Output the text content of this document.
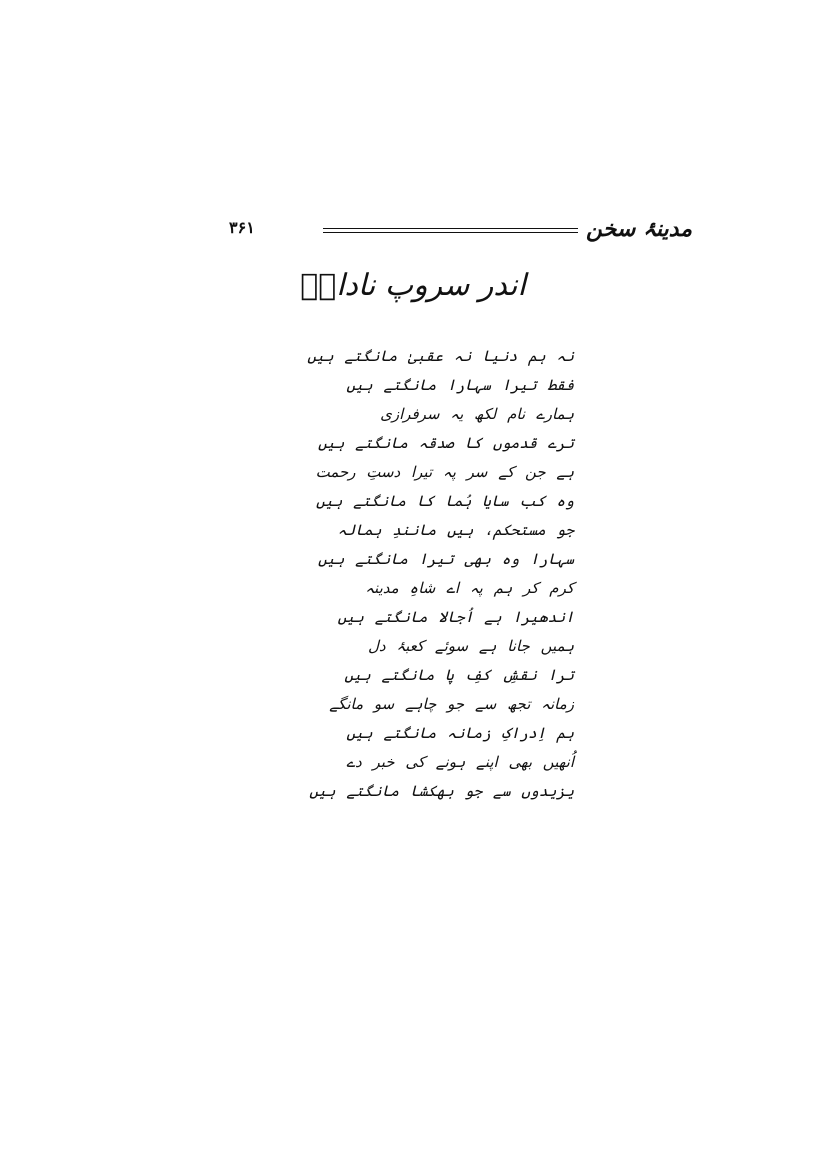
مدینۂ سخن
۳۶۱
اندر سروپ ناداںؔ
نہ ہم دنیا نہ عقبیٰ مانگتے ہیں
فقط تیرا سہارا مانگتے ہیں
ہمارے نام لکھ یہ سرفرازی
ترے قدموں کا صدقہ مانگتے ہیں
ہے جن کے سر پہ تیرا دستِ رحمت
وہ کب سایا ہُما کا مانگتے ہیں
جو مستحکم، ہیں مانندِ ہمالہ
سہارا وہ بھی تیرا مانگتے ہیں
کرم کر ہم پہ اے شاہِ مدینہ
اندھیرا ہے اُجالا مانگتے ہیں
ہمیں جانا ہے سوئے کعبۂ دل
ترا نقشِ کفِ پا مانگتے ہیں
زمانہ تجھ سے جو چاہے سو مانگے
ہم اِدراکِ زمانہ مانگتے ہیں
اُنھیں بھی اپنے ہونے کی خبر دے
یزیدوں سے جو بھکشا مانگتے ہیں
